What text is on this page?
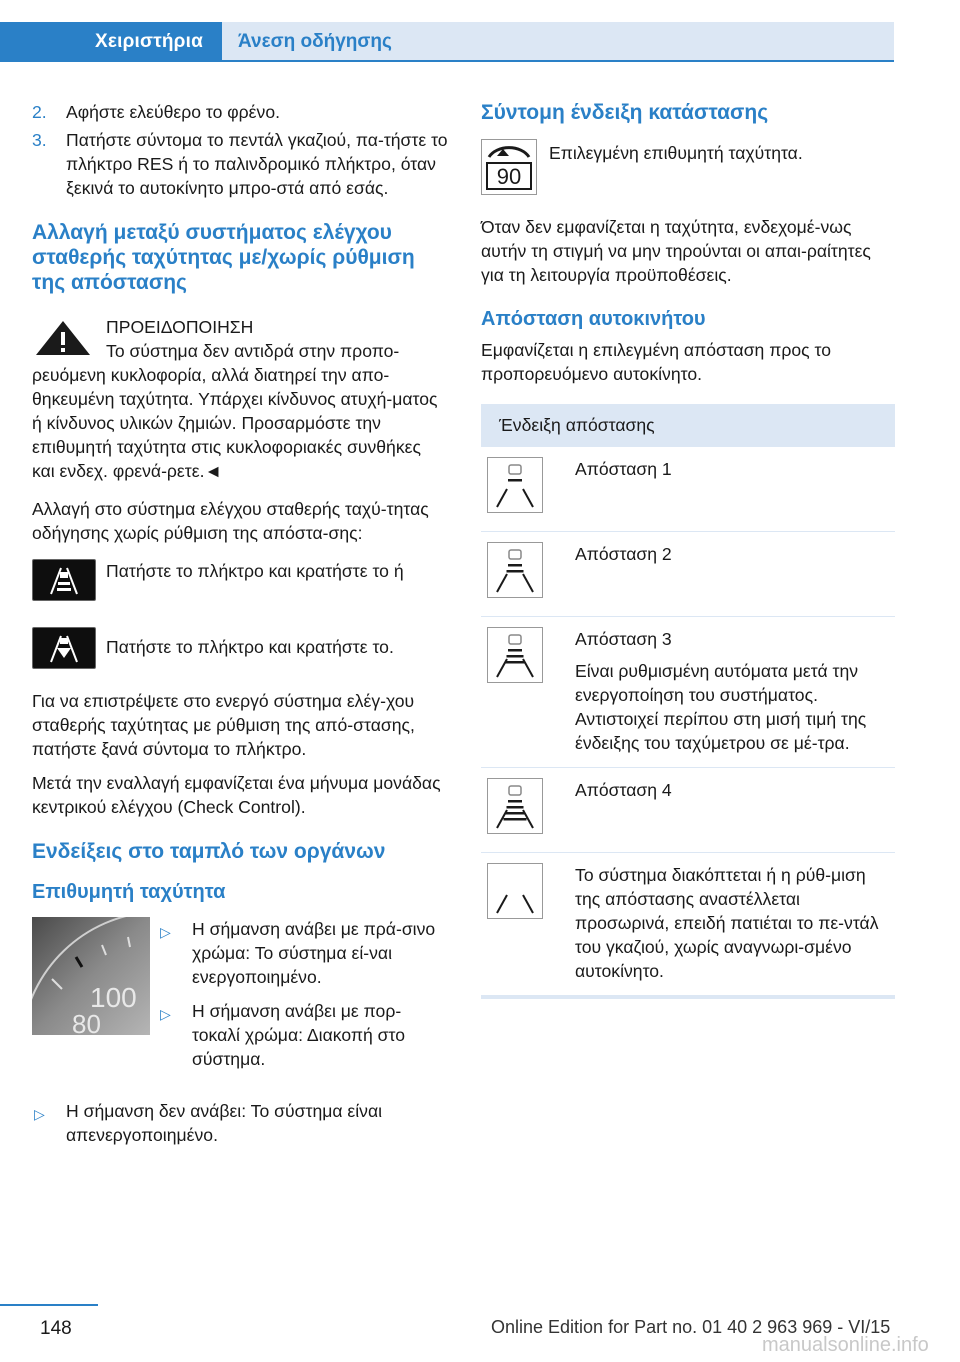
Χειριστήρια	Άνεση οδήγησης
2. Αφήστε ελεύθερο το φρένο.
3. Πατήστε σύντομα το πεντάλ γκαζιού, πα-τήστε το πλήκτρο RES ή το παλινδρομικό πλήκτρο, όταν ξεκινά το αυτοκίνητο μπρο-στά από εσάς.
Αλλαγή μεταξύ συστήματος ελέγχου σταθερής ταχύτητας με/χωρίς ρύθμιση της απόστασης

ΠΡΟΕΙΔΟΠΟΙΗΣΗ

Το σύστημα δεν αντιδρά στην προπο-

ρευόμενη κυκλοφορία, αλλά διατηρεί την απο-θηκευμένη ταχύτητα. Υπάρχει κίνδυνος ατυχή-ματος ή κίνδυνος υλικών ζημιών. Προσαρμόστε την επιθυμητή ταχύτητα στις κυκλοφοριακές συνθήκες και ενδεχ. φρενά-ρετε.◄

Αλλαγή στο σύστημα ελέγχου σταθερής ταχύ-τητας οδήγησης χωρίς ρύθμιση της απόστα-σης:

Πατήστε το πλήκτρο και κρατήστε το ή

Πατήστε το πλήκτρο και κρατήστε το.

Για να επιστρέψετε στο ενεργό σύστημα ελέγ-χου σταθερής ταχύτητας με ρύθμιση της από-στασης, πατήστε ξανά σύντομα το πλήκτρο.

Μετά την εναλλαγή εμφανίζεται ένα μήνυμα μονάδας κεντρικού ελέγχου (Check Control).

Ενδείξεις στο ταμπλό των οργάνων
Επιθυμητή ταχύτητα
100
80
▷ Η σήμανση ανάβει με πρά-σινο χρώμα: Το σύστημα εί-ναι ενεργοποιημένο.
▷ Η σήμανση ανάβει με πορ-τοκαλί χρώμα: Διακοπή στο σύστημα.
▷ Η σήμανση δεν ανάβει: Το σύστημα είναι απενεργοποιημένο.
Σύντομη ένδειξη κατάστασης
90

Επιλεγμένη επιθυμητή ταχύτητα.

Όταν δεν εμφανίζεται η ταχύτητα, ενδεχομέ-νως αυτήν τη στιγμή να μην τηρούνται οι απαι-ραίτητες για τη λειτουργία προϋποθέσεις.

Απόσταση αυτοκινήτου

Εμφανίζεται η επιλεγμένη απόσταση προς το προπορευόμενο αυτοκίνητο.

Ένδειξη απόστασης	

Απόσταση 1

Απόσταση 2

Απόσταση 3

Είναι ρυθμισμένη αυτόματα μετά την ενεργοποίηση του συστήματος. Αντιστοιχεί περίπου στη μισή τιμή της ένδειξης του ταχύμετρου σε μέ-τρα.

Απόσταση 4

Το σύστημα διακόπτεται ή η ρύθ-μιση της απόστασης αναστέλλεται προσωρινά, επειδή πατιέται το πε-ντάλ του γκαζιού, χωρίς αναγνωρι-σμένο αυτοκίνητο.

148	Online Edition for Part no. 01 40 2 963 969 - VI/15
manualsonline.info
